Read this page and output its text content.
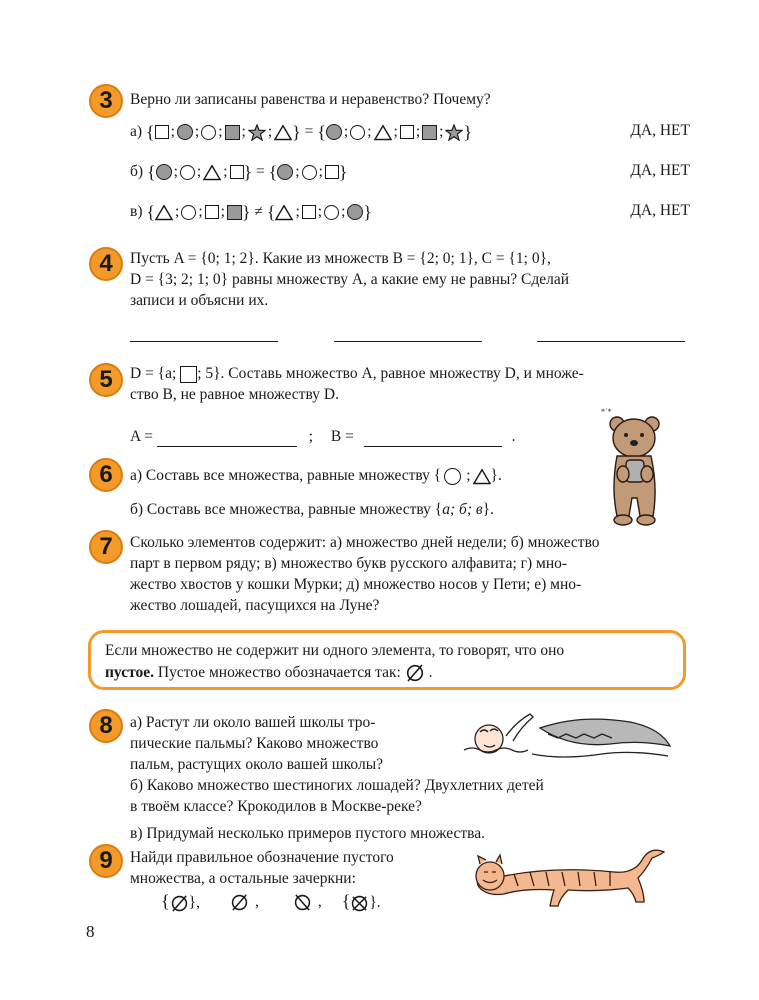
3	Верно ли записаны равенства и неравенство? Почему?
а)
{ ; ; ; ; ; }
=
{ ; ; ; ; ; }	ДА, НЕТ
б)
{ ; ; ; }
=
{ ; ; }	ДА, НЕТ
в)
{ ; ; ; }
≠
{ ; ; ; }	ДА, НЕТ
4	Пусть A = {0; 1; 2}. Какие из множеств B = {2; 0; 1}, C = {1; 0},
D = {3; 2; 1; 0} равны множеству A, а какие ему не равны? Сделай
записи и объясни их.
5	D = {a; ; 5}. Составь множество A, равное множеству D, и множе-
ство B, не равное множеству D.
A =	; B =	.
⁎·⁎
6	а) Составь все множества, равные множеству { ; }.
б) Составь все множества, равные множеству { а; б; в }.
7	Сколько элементов содержит: а) множество дней недели; б) множество
парт в первом ряду; в) множество букв русского алфавита; г) мно-
жество хвостов у кошки Мурки; д) множество носов у Пети; е) мно-
жество лошадей, пасущихся на Луне?
Если множество не содержит ни одного элемента, то говорят, что оно
пустое. Пустое множество обозначается так: .
8	а) Растут ли около вашей школы тро-
пические пальмы? Каково множество
пальм, растущих около вашей школы?
б) Каково множество шестиногих лошадей? Двухлетних детей
в твоём классе? Крокодилов в Москве-реке?
в) Придумай несколько примеров пустого множества.
9	Найди правильное обозначение пустого
множества, а остальные зачеркни:
{ },	,	, { }.
8
